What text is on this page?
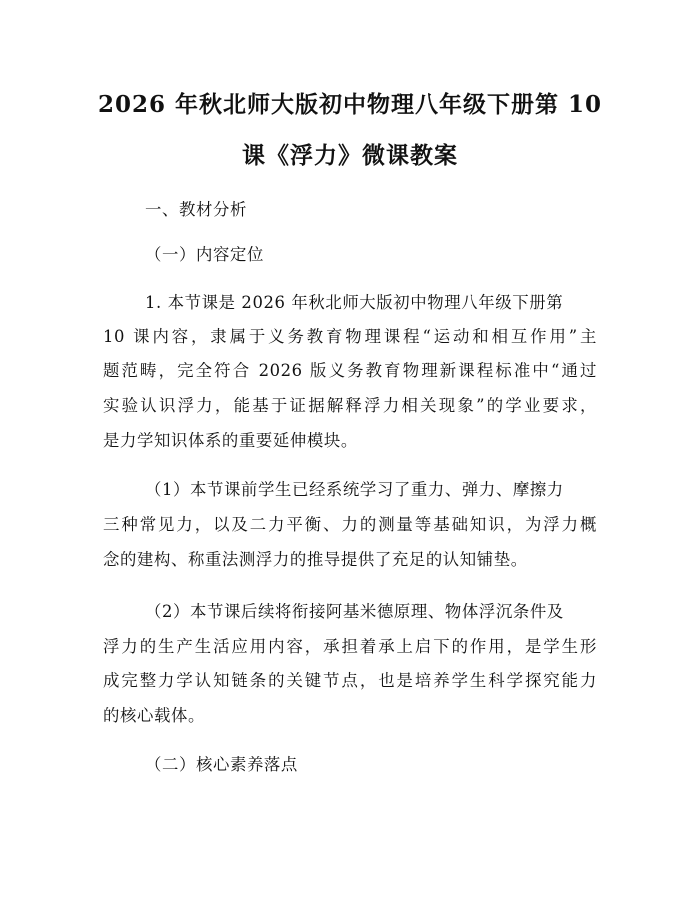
2026 年秋北师大版初中物理八年级下册第 10
课《浮力》微课教案
一、教材分析
（一）内容定位
1. 本节课是 2026 年秋北师大版初中物理八年级下册第
10 课内容，隶属于义务教育物理课程“运动和相互作用”主
题范畴，完全符合 2026 版义务教育物理新课程标准中“通过
实验认识浮力，能基于证据解释浮力相关现象”的学业要求，
是力学知识体系的重要延伸模块。
（1）本节课前学生已经系统学习了重力、弹力、摩擦力
三种常见力，以及二力平衡、力的测量等基础知识，为浮力概
念的建构、称重法测浮力的推导提供了充足的认知铺垫。
（2）本节课后续将衔接阿基米德原理、物体浮沉条件及
浮力的生产生活应用内容，承担着承上启下的作用，是学生形
成完整力学认知链条的关键节点，也是培养学生科学探究能力
的核心载体。
（二）核心素养落点
